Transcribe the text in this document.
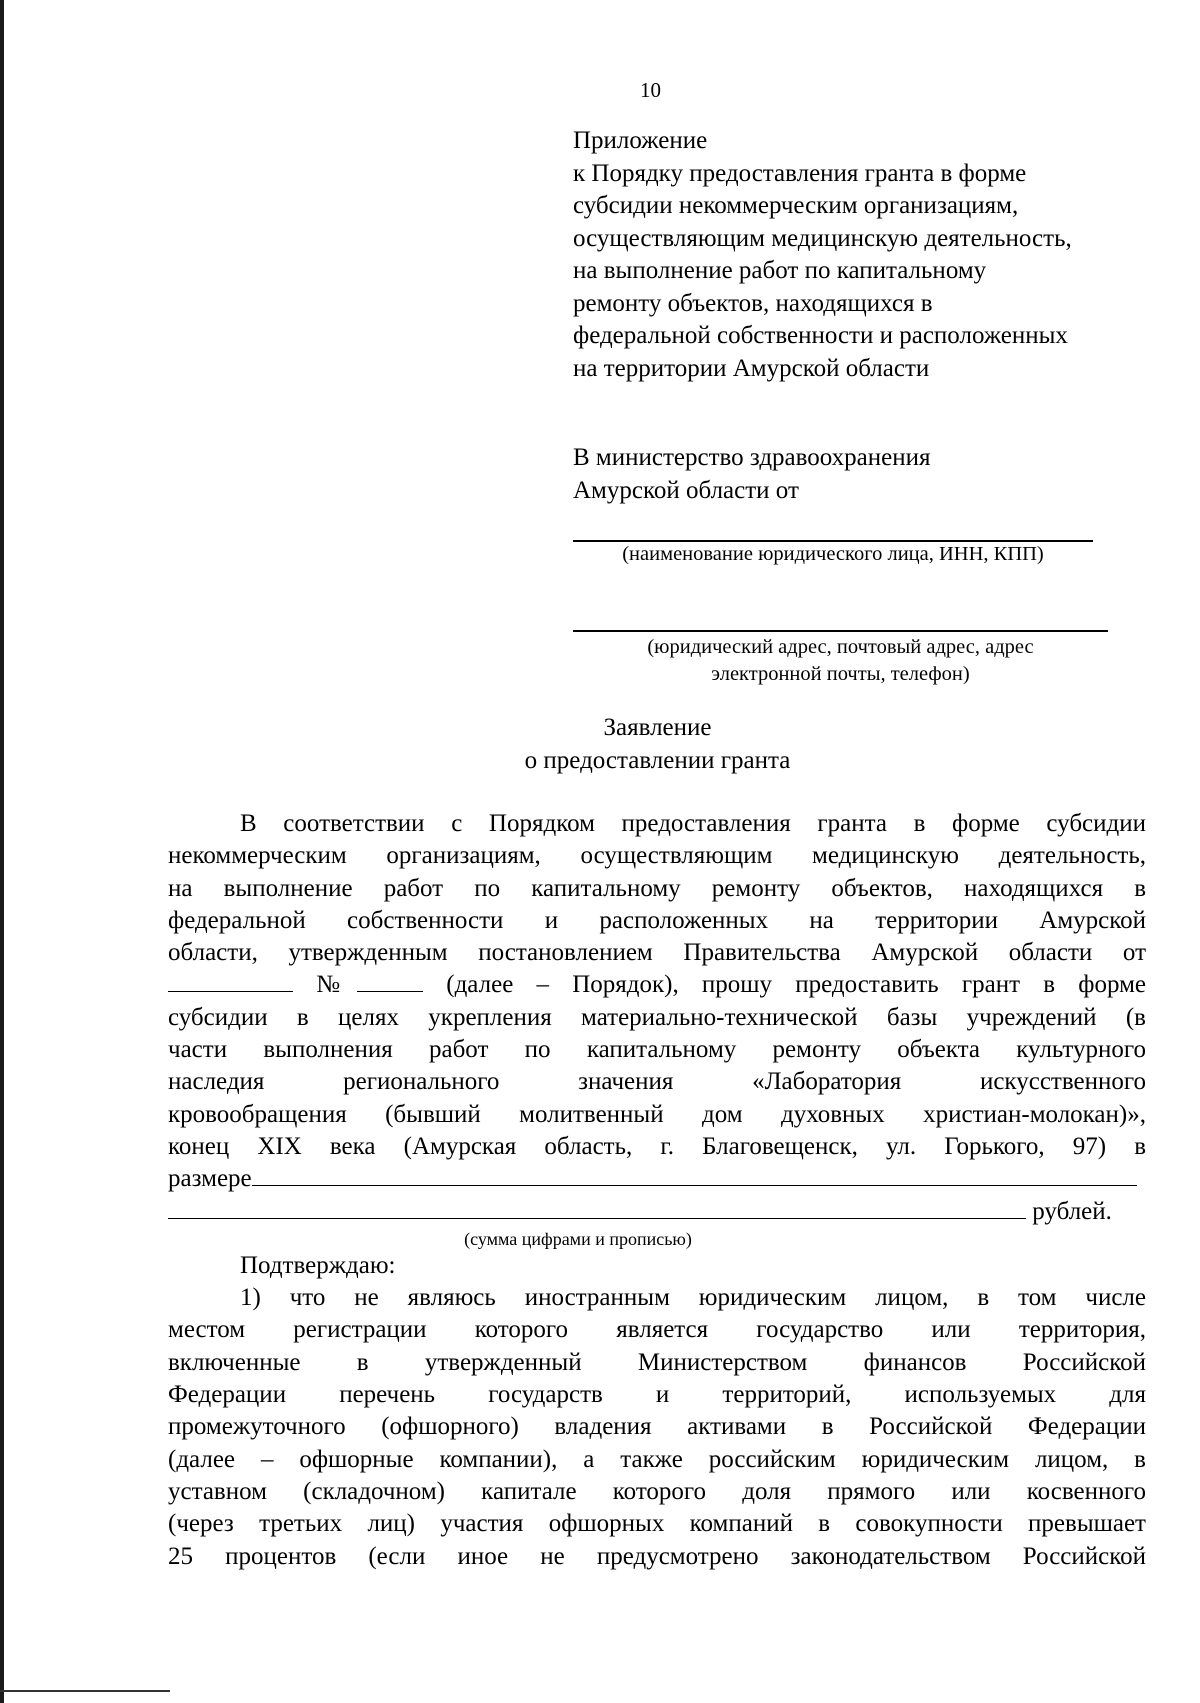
10
Приложение
к Порядку предоставления гранта в форме
субсидии некоммерческим организациям,
осуществляющим медицинскую деятельность,
на выполнение работ по капитальному
ремонту объектов, находящихся в
федеральной собственности и расположенных
на территории Амурской области
В министерство здравоохранения
Амурской области от
(наименование юридического лица, ИНН, КПП)
(юридический адрес, почтовый адрес, адрес
электронной почты, телефон)
Заявление
о предоставлении гранта
В соответствии с Порядком предоставления гранта в форме субсидии
некоммерческим организациям, осуществляющим медицинскую деятельность,
на выполнение работ по капитальному ремонту объектов, находящихся в
федеральной собственности и расположенных на территории Амурской
области, утвержденным постановлением Правительства Амурской области от
№	(далее – Порядок), прошу предоставить грант в форме
субсидии в целях укрепления материально-технической базы учреждений (в
части выполнения работ по капитальному ремонту объекта культурного
наследия регионального значения «Лаборатория искусственного
кровообращения (бывший молитвенный дом духовных христиан-молокан)»,
конец XIX века (Амурская область, г. Благовещенск, ул. Горького, 97) в
размере
рублей.
(сумма цифрами и прописью)
Подтверждаю:
1) что не являюсь иностранным юридическим лицом, в том числе
местом регистрации которого является государство или территория,
включенные в утвержденный Министерством финансов Российской
Федерации перечень государств и территорий, используемых для
промежуточного (офшорного) владения активами в Российской Федерации
(далее – офшорные компании), а также российским юридическим лицом, в
уставном (складочном) капитале которого доля прямого или косвенного
(через третьих лиц) участия офшорных компаний в совокупности превышает
25 процентов (если иное не предусмотрено законодательством Российской
